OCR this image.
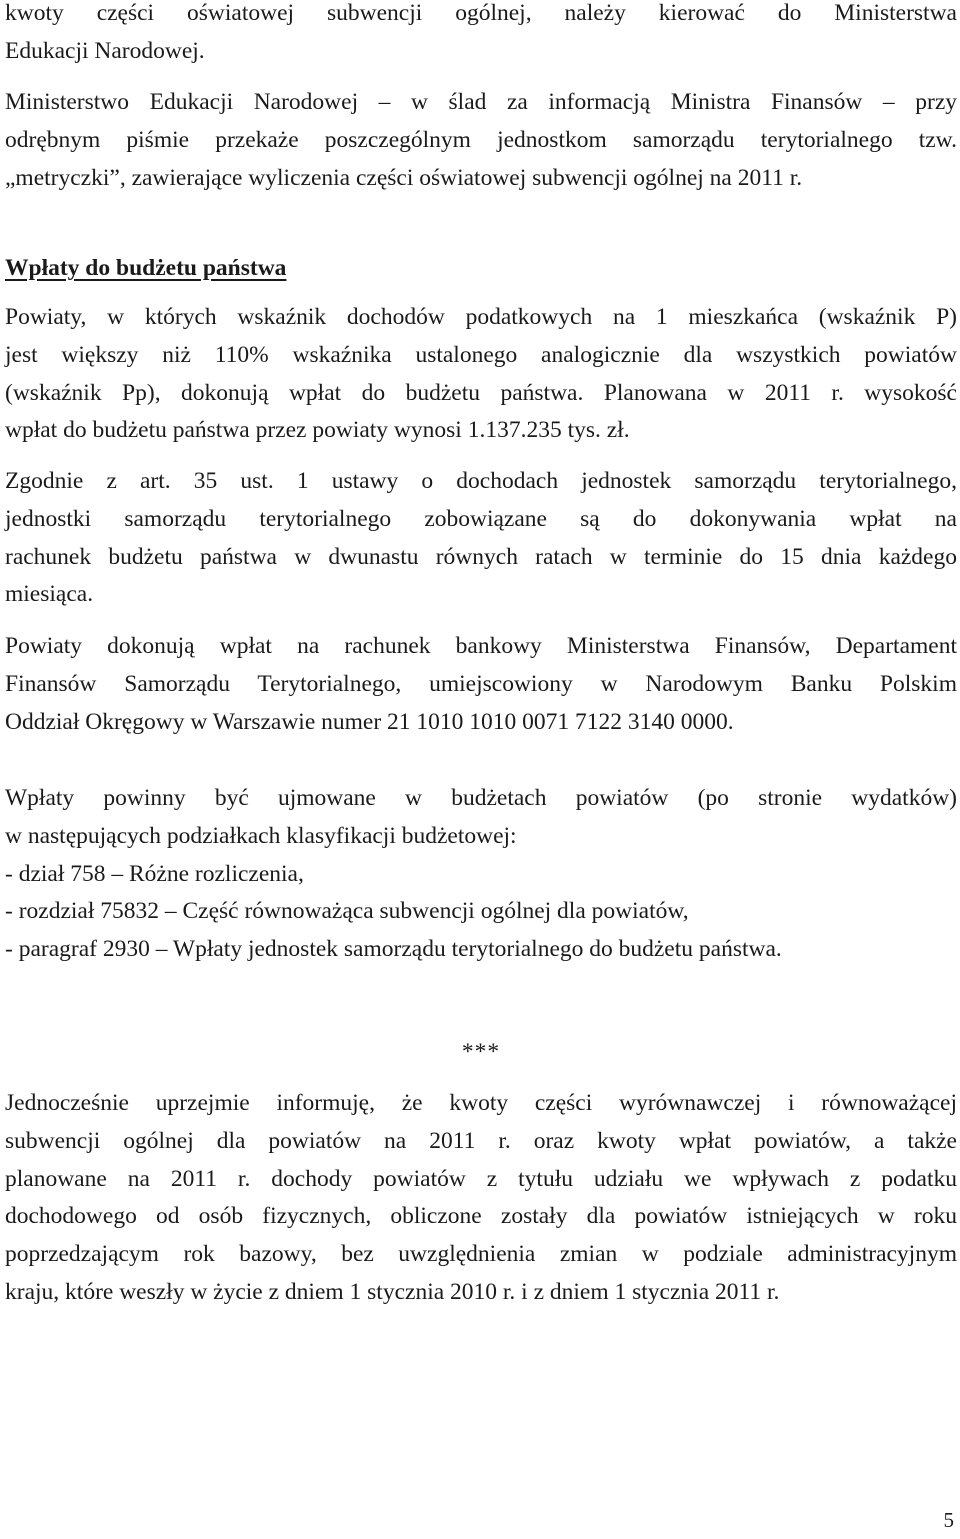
kwoty części oświatowej subwencji ogólnej, należy kierować do Ministerstwa
Edukacji Narodowej.

Ministerstwo Edukacji Narodowej – w ślad za informacją Ministra Finansów – przy
odrębnym piśmie przekaże poszczególnym jednostkom samorządu terytorialnego tzw.
„metryczki”, zawierające wyliczenia części oświatowej subwencji ogólnej na 2011 r.

Wpłaty do budżetu państwa

Powiaty, w których wskaźnik dochodów podatkowych na 1 mieszkańca (wskaźnik P)
jest większy niż 110% wskaźnika ustalonego analogicznie dla wszystkich powiatów
(wskaźnik Pp), dokonują wpłat do budżetu państwa. Planowana w 2011 r. wysokość
wpłat do budżetu państwa przez powiaty wynosi 1.137.235 tys. zł.

Zgodnie z art. 35 ust. 1 ustawy o dochodach jednostek samorządu terytorialnego,
jednostki samorządu terytorialnego zobowiązane są do dokonywania wpłat na
rachunek budżetu państwa w dwunastu równych ratach w terminie do 15 dnia każdego
miesiąca.

Powiaty dokonują wpłat na rachunek bankowy Ministerstwa Finansów, Departament
Finansów Samorządu Terytorialnego, umiejscowiony w Narodowym Banku Polskim
Oddział Okręgowy w Warszawie numer 21 1010 1010 0071 7122 3140 0000.

Wpłaty powinny być ujmowane w budżetach powiatów (po stronie wydatków)
w następujących podziałkach klasyfikacji budżetowej:
- dział 758 – Różne rozliczenia,
- rozdział 75832 – Część równoważąca subwencji ogólnej dla powiatów,
- paragraf 2930 – Wpłaty jednostek samorządu terytorialnego do budżetu państwa.

***

Jednocześnie uprzejmie informuję, że kwoty części wyrównawczej i równoważącej
subwencji ogólnej dla powiatów na 2011 r. oraz kwoty wpłat powiatów, a także
planowane na 2011 r. dochody powiatów z tytułu udziału we wpływach z podatku
dochodowego od osób fizycznych, obliczone zostały dla powiatów istniejących w roku
poprzedzającym rok bazowy, bez uwzględnienia zmian w podziale administracyjnym
kraju, które weszły w życie z dniem 1 stycznia 2010 r. i z dniem 1 stycznia 2011 r.

5
